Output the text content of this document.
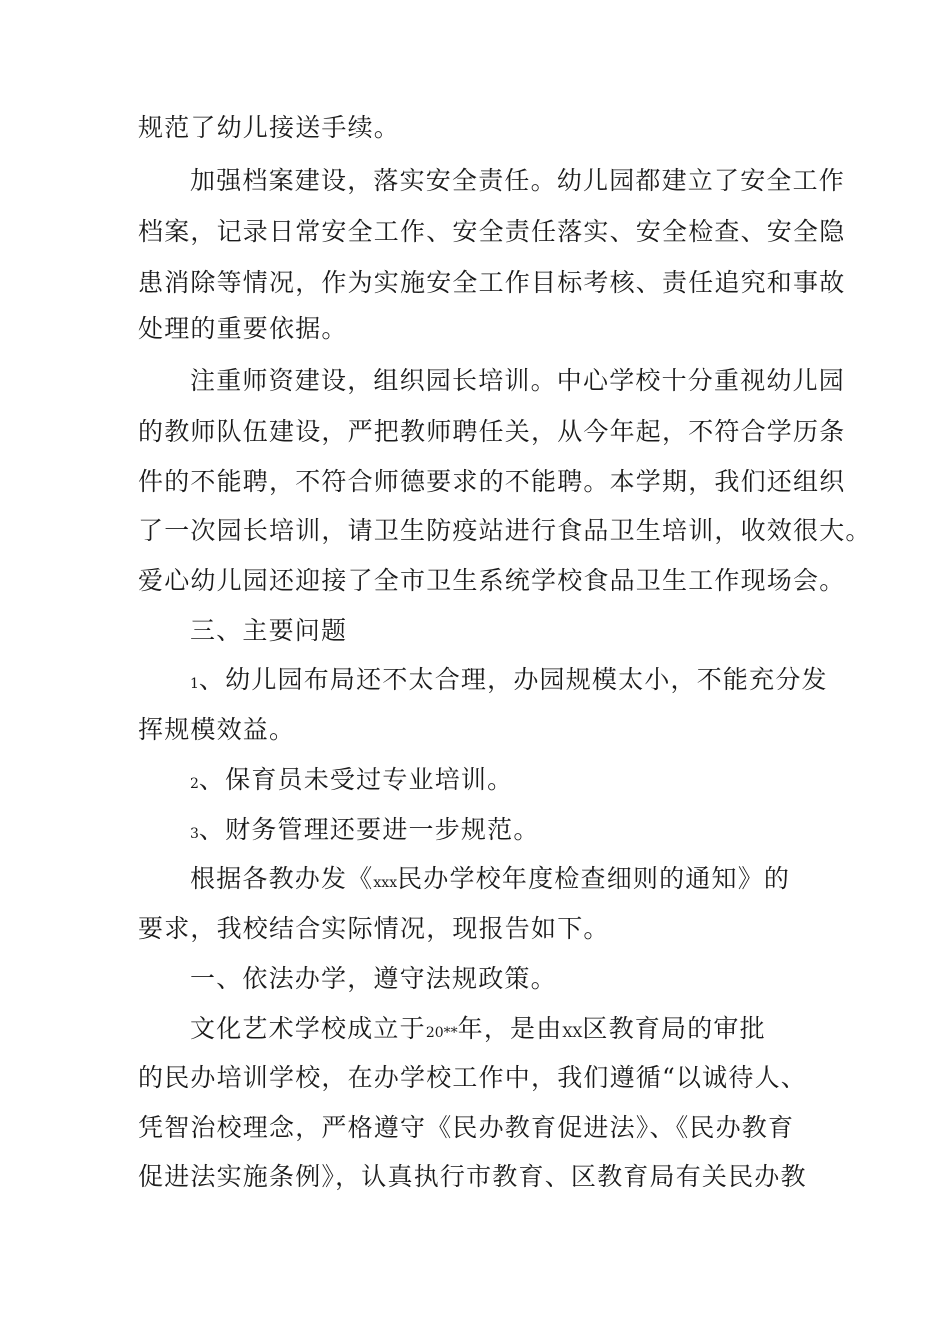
规范了幼儿接送手续。
加强档案建设，落实安全责任。幼儿园都建立了安全工作
档案，记录日常安全工作、安全责任落实、安全检查、安全隐
患消除等情况，作为实施安全工作目标考核、责任追究和事故
处理的重要依据。
注重师资建设，组织园长培训。中心学校十分重视幼儿园
的教师队伍建设，严把教师聘任关，从今年起，不符合学历条
件的不能聘，不符合师德要求的不能聘。本学期，我们还组织
了一次园长培训，请卫生防疫站进行食品卫生培训，收效很大。
爱心幼儿园还迎接了全市卫生系统学校食品卫生工作现场会。
三、主要问题
1、幼儿园布局还不太合理，办园规模太小，不能充分发
挥规模效益。
2、保育员未受过专业培训。
3、财务管理还要进一步规范。
根据各教办发《xxx民办学校年度检查细则的通知》的
要求，我校结合实际情况，现报告如下。
一、依法办学，遵守法规政策。
文化艺术学校成立于20**年，是由XX区教育局的审批
的民办培训学校，在办学校工作中，我们遵循“以诚待人、
凭智治校理念，严格遵守《民办教育促进法》、《民办教育
促进法实施条例》，认真执行市教育、区教育局有关民办教
